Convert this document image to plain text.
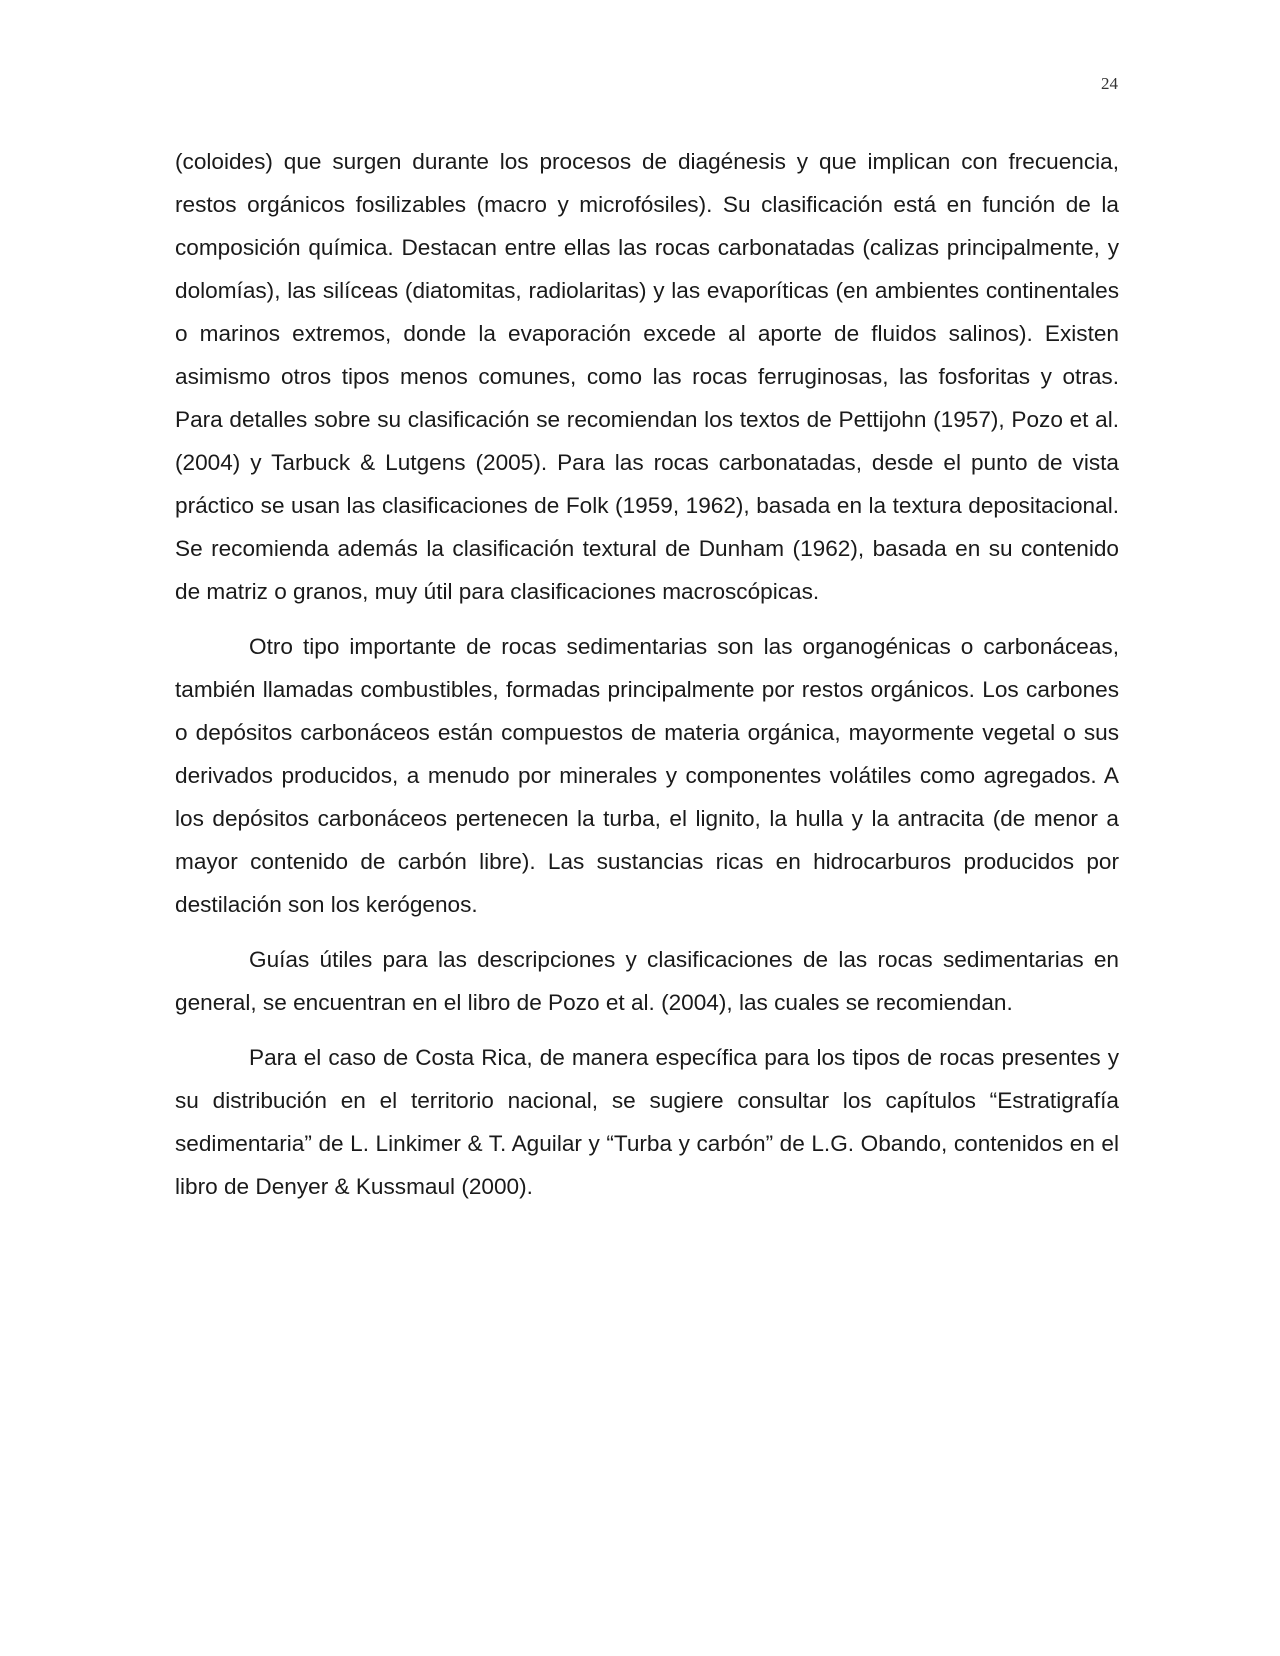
24

(coloides) que surgen durante los procesos de diagénesis y que implican con frecuencia, restos orgánicos fosilizables (macro y microfósiles). Su clasificación está en función de la composición química. Destacan entre ellas las rocas carbonatadas (calizas principalmente, y dolomías), las silíceas (diatomitas, radiolaritas) y las evaporíticas (en ambientes continentales o marinos extremos, donde la evaporación excede al aporte de fluidos salinos). Existen asimismo otros tipos menos comunes, como las rocas ferruginosas, las fosforitas y otras. Para detalles sobre su clasificación se recomiendan los textos de Pettijohn (1957), Pozo et al. (2004) y Tarbuck & Lutgens (2005). Para las rocas carbonatadas, desde el punto de vista práctico se usan las clasificaciones de Folk (1959, 1962), basada en la textura depositacional. Se recomienda además la clasificación textural de Dunham (1962), basada en su contenido de matriz o granos, muy útil para clasificaciones macroscópicas.

Otro tipo importante de rocas sedimentarias son las organogénicas o carbonáceas, también llamadas combustibles, formadas principalmente por restos orgánicos. Los carbones o depósitos carbonáceos están compuestos de materia orgánica, mayormente vegetal o sus derivados producidos, a menudo por minerales y componentes volátiles como agregados. A los depósitos carbonáceos pertenecen la turba, el lignito, la hulla y la antracita (de menor a mayor contenido de carbón libre). Las sustancias ricas en hidrocarburos producidos por destilación son los kerógenos.

Guías útiles para las descripciones y clasificaciones de las rocas sedimentarias en general, se encuentran en el libro de Pozo et al. (2004), las cuales se recomiendan.

Para el caso de Costa Rica, de manera específica para los tipos de rocas presentes y su distribución en el territorio nacional, se sugiere consultar los capítulos “Estratigrafía sedimentaria” de L. Linkimer & T. Aguilar y “Turba y carbón” de L.G. Obando, contenidos en el libro de Denyer & Kussmaul (2000).
